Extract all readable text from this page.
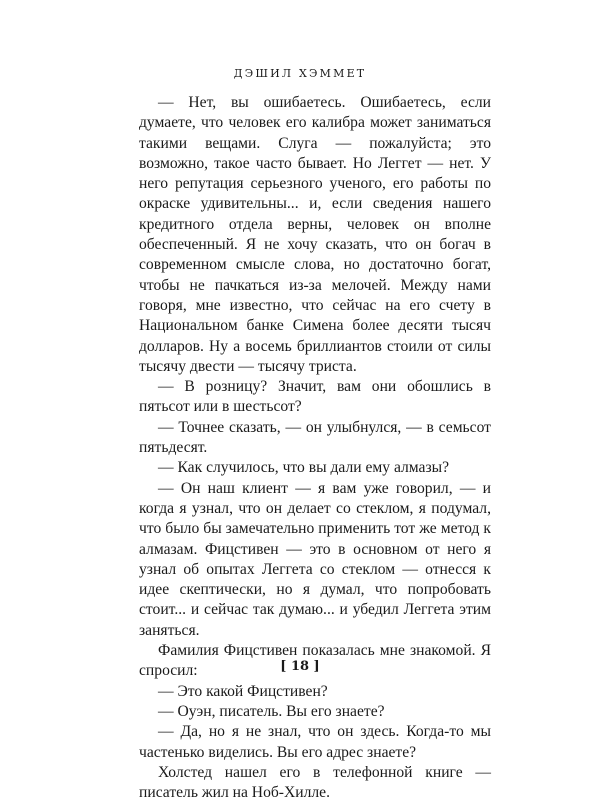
ДЭШИЛ ХЭММЕТ

— Нет, вы ошибаетесь. Ошибаетесь, если думаете, что человек его калибра может заниматься такими вещами. Слуга — пожалуйста; это возможно, такое часто бывает. Но Леггет — нет. У него репутация серьезного ученого, его работы по окраске удивительны... и, если сведения нашего кредитного отдела верны, человек он вполне обеспеченный. Я не хочу сказать, что он богач в современном смысле слова, но достаточно богат, чтобы не пачкаться из-за мелочей. Между нами говоря, мне известно, что сейчас на его счету в Национальном банке Симена более десяти тысяч долларов. Ну а восемь бриллиантов стоили от силы тысячу двести — тысячу триста.

— В розницу? Значит, вам они обошлись в пятьсот или в шестьсот?

— Точнее сказать, — он улыбнулся, — в семьсот пятьдесят.

— Как случилось, что вы дали ему алмазы?

— Он наш клиент — я вам уже говорил, — и когда я узнал, что он делает со стеклом, я подумал, что было бы замечательно применить тот же метод к алмазам. Фицстивен — это в основном от него я узнал об опытах Леггета со стеклом — отнесся к идее скептически, но я думал, что попробовать стоит... и сейчас так думаю... и убедил Леггета этим заняться.

Фамилия Фицстивен показалась мне знакомой. Я спросил:

— Это какой Фицстивен?

— Оуэн, писатель. Вы его знаете?

— Да, но я не знал, что он здесь. Когда-то мы частенько виделись. Вы его адрес знаете?

Холстед нашел его в телефонной книге — писатель жил на Ноб-Хилле.

[ 18 ]
